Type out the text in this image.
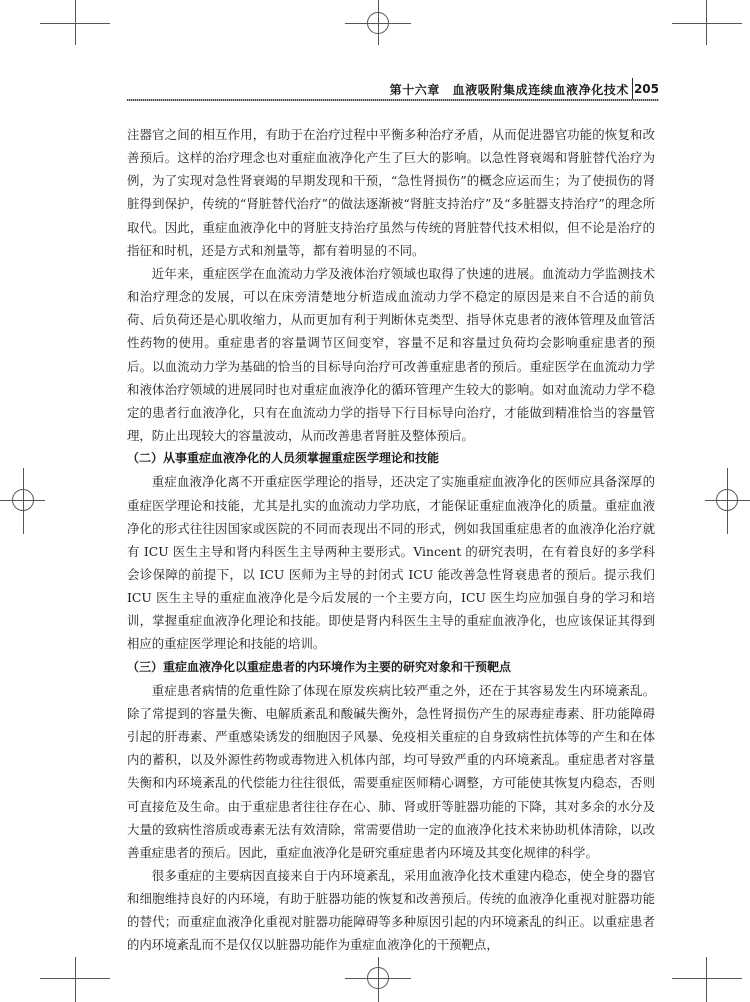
第十六章　血液吸附集成连续血液净化技术 205

注器官之间的相互作用，有助于在治疗过程中平衡多种治疗矛盾，从而促进器官功能的恢复和改善预后。这样的治疗理念也对重症血液净化产生了巨大的影响。以急性肾衰竭和肾脏替代治疗为例，为了实现对急性肾衰竭的早期发现和干预，“急性肾损伤”的概念应运而生；为了使损伤的肾脏得到保护，传统的“肾脏替代治疗”的做法逐渐被“肾脏支持治疗”及“多脏器支持治疗”的理念所取代。因此，重症血液净化中的肾脏支持治疗虽然与传统的肾脏替代技术相似，但不论是治疗的指征和时机，还是方式和剂量等，都有着明显的不同。

近年来，重症医学在血流动力学及液体治疗领域也取得了快速的进展。血流动力学监测技术和治疗理念的发展，可以在床旁清楚地分析造成血流动力学不稳定的原因是来自不合适的前负荷、后负荷还是心肌收缩力，从而更加有利于判断休克类型、指导休克患者的液体管理及血管活性药物的使用。重症患者的容量调节区间变窄，容量不足和容量过负荷均会影响重症患者的预后。以血流动力学为基础的恰当的目标导向治疗可改善重症患者的预后。重症医学在血流动力学和液体治疗领域的进展同时也对重症血液净化的循环管理产生较大的影响。如对血流动力学不稳定的患者行血液净化，只有在血流动力学的指导下行目标导向治疗，才能做到精准恰当的容量管理，防止出现较大的容量波动，从而改善患者肾脏及整体预后。

（二）从事重症血液净化的人员须掌握重症医学理论和技能

重症血液净化离不开重症医学理论的指导，还决定了实施重症血液净化的医师应具备深厚的重症医学理论和技能，尤其是扎实的血流动力学功底，才能保证重症血液净化的质量。重症血液净化的形式往往因国家或医院的不同而表现出不同的形式，例如我国重症患者的血液净化治疗就有 ICU 医生主导和肾内科医生主导两种主要形式。Vincent 的研究表明，在有着良好的多学科会诊保障的前提下，以 ICU 医师为主导的封闭式 ICU 能改善急性肾衰患者的预后。提示我们 ICU 医生主导的重症血液净化是今后发展的一个主要方向，ICU 医生均应加强自身的学习和培训，掌握重症血液净化理论和技能。即使是肾内科医生主导的重症血液净化，也应该保证其得到相应的重症医学理论和技能的培训。

（三）重症血液净化以重症患者的内环境作为主要的研究对象和干预靶点

重症患者病情的危重性除了体现在原发疾病比较严重之外，还在于其容易发生内环境紊乱。除了常提到的容量失衡、电解质紊乱和酸碱失衡外，急性肾损伤产生的尿毒症毒素、肝功能障碍引起的肝毒素、严重感染诱发的细胞因子风暴、免疫相关重症的自身致病性抗体等的产生和在体内的蓄积，以及外源性药物或毒物进入机体内部，均可导致严重的内环境紊乱。重症患者对容量失衡和内环境紊乱的代偿能力往往很低，需要重症医师精心调整，方可能使其恢复内稳态，否则可直接危及生命。由于重症患者往往存在心、肺、肾或肝等脏器功能的下降，其对多余的水分及大量的致病性溶质或毒素无法有效清除，常需要借助一定的血液净化技术来协助机体清除，以改善重症患者的预后。因此，重症血液净化是研究重症患者内环境及其变化规律的科学。

很多重症的主要病因直接来自于内环境紊乱，采用血液净化技术重建内稳态，使全身的器官和细胞维持良好的内环境，有助于脏器功能的恢复和改善预后。传统的血液净化重视对脏器功能的替代；而重症血液净化重视对脏器功能障碍等多种原因引起的内环境紊乱的纠正。以重症患者的内环境紊乱而不是仅仅以脏器功能作为重症血液净化的干预靶点，
